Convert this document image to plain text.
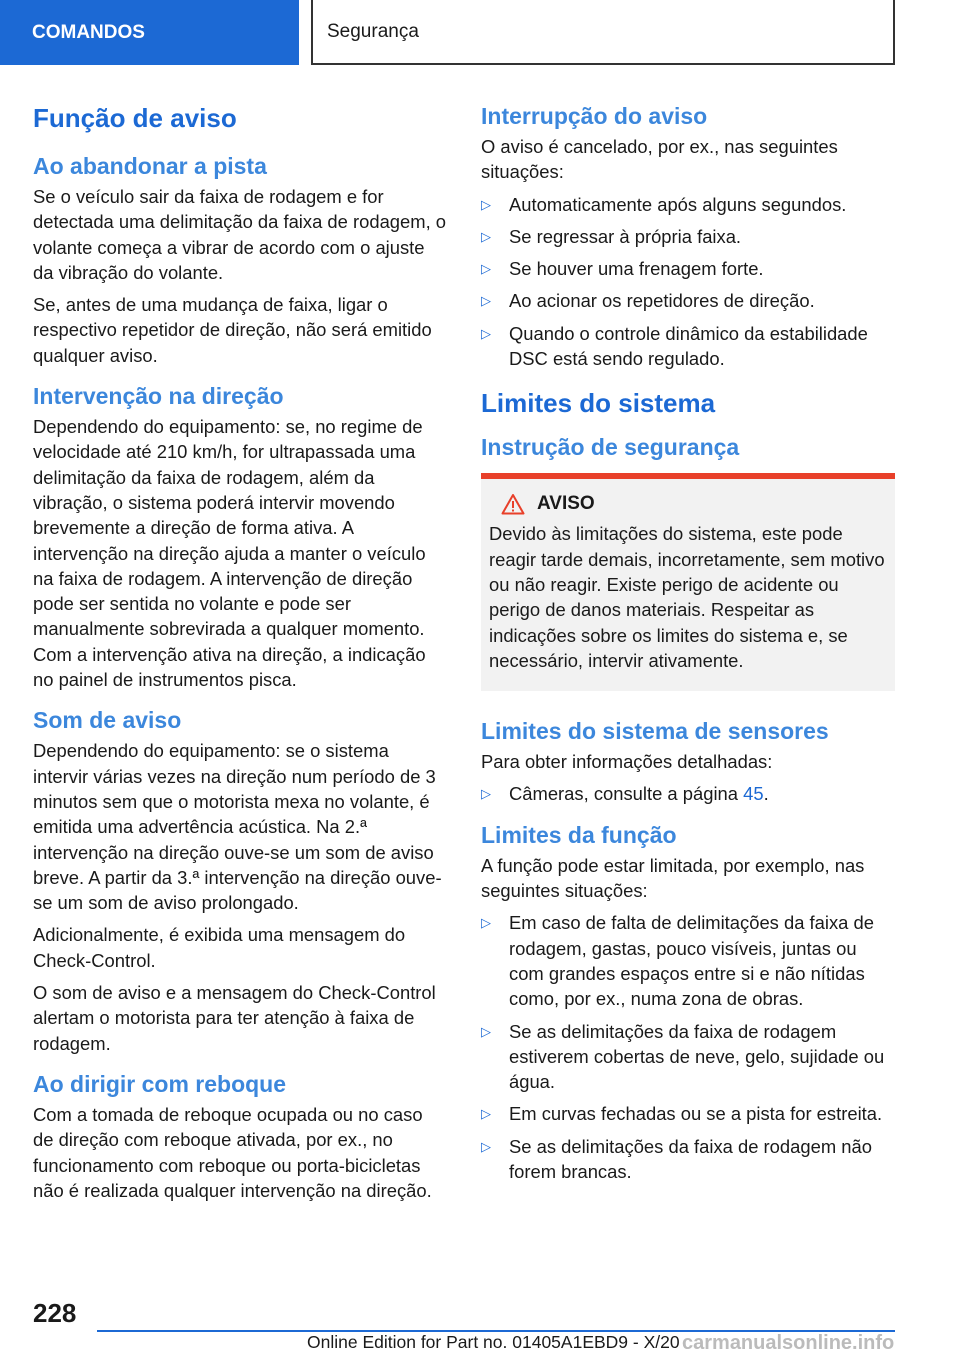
COMANDOS	Segurança
Função de aviso
Ao abandonar a pista

Se o veículo sair da faixa de rodagem e for detectada uma delimitação da faixa de rodagem, o volante começa a vibrar de acordo com o ajuste da vibração do volante.

Se, antes de uma mudança de faixa, ligar o respectivo repetidor de direção, não será emitido qualquer aviso.

Intervenção na direção

Dependendo do equipamento: se, no regime de velocidade até 210 km/h, for ultrapassada uma delimitação da faixa de rodagem, além da vibração, o sistema poderá intervir movendo brevemente a direção de forma ativa. A intervenção na direção ajuda a manter o veículo na faixa de rodagem. A intervenção de direção pode ser sentida no volante e pode ser manualmente sobrevirada a qualquer momento. Com a intervenção ativa na direção, a indicação no painel de instrumentos pisca.

Som de aviso

Dependendo do equipamento: se o sistema intervir várias vezes na direção num período de 3 minutos sem que o motorista mexa no volante, é emitida uma advertência acústica. Na 2.ª intervenção na direção ouve-se um som de aviso breve. A partir da 3.ª intervenção na direção ouve-se um som de aviso prolongado.

Adicionalmente, é exibida uma mensagem do Check-Control.

O som de aviso e a mensagem do Check-Control alertam o motorista para ter atenção à faixa de rodagem.

Ao dirigir com reboque

Com a tomada de reboque ocupada ou no caso de direção com reboque ativada, por ex., no funcionamento com reboque ou porta-bicicletas não é realizada qualquer intervenção na direção.

Interrupção do aviso

O aviso é cancelado, por ex., nas seguintes situações:

▷ Automaticamente após alguns segundos.
▷ Se regressar à própria faixa.
▷ Se houver uma frenagem forte.
▷ Ao acionar os repetidores de direção.
▷ Quando o controle dinâmico da estabilidade DSC está sendo regulado.
Limites do sistema
Instrução de segurança
AVISO

Devido às limitações do sistema, este pode reagir tarde demais, incorretamente, sem motivo ou não reagir. Existe perigo de acidente ou perigo de danos materiais. Respeitar as indicações sobre os limites do sistema e, se necessário, intervir ativamente.

Limites do sistema de sensores

Para obter informações detalhadas:

▷ Câmeras, consulte a página 45.
Limites da função

A função pode estar limitada, por exemplo, nas seguintes situações:

▷ Em caso de falta de delimitações da faixa de rodagem, gastas, pouco visíveis, juntas ou com grandes espaços entre si e não nítidas como, por ex., numa zona de obras.
▷ Se as delimitações da faixa de rodagem estiverem cobertas de neve, gelo, sujidade ou água.
▷ Em curvas fechadas ou se a pista for estreita.
▷ Se as delimitações da faixa de rodagem não forem brancas.
228
Online Edition for Part no. 01405A1EBD9 - X/20 carmanualsonline.info
